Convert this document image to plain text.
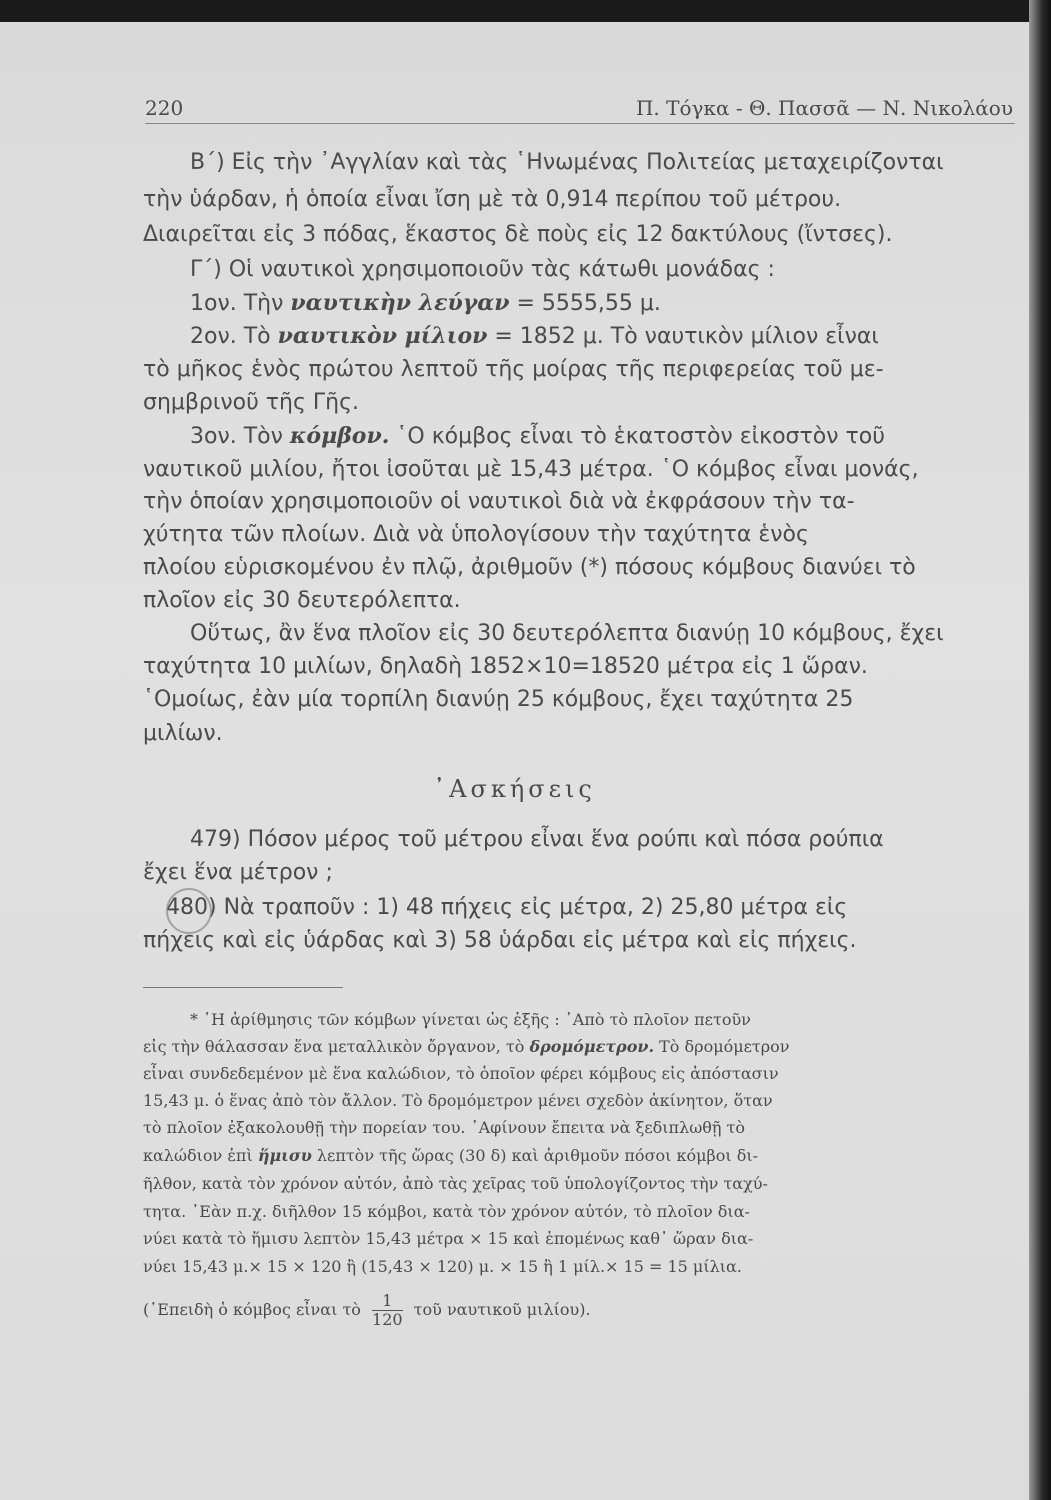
220	Π. Τόγκα - Θ. Πασσᾶ — Ν. Νικολάου
Β΄) Εἰς τὴν ᾿Αγγλίαν καὶ τὰς ῾Ηνωμένας Πολιτείας μεταχειρίζονται
τὴν ὑάρδαν, ἡ ὁποία εἶναι ἴση μὲ τὰ 0,914 περίπου τοῦ μέτρου.
Διαιρεῖται εἰς 3 πόδας, ἕκαστος δὲ ποὺς εἰς 12 δακτύλους (ἴντσες).
Γ΄) Οἱ ναυτικοὶ χρησιμοποιοῦν τὰς κάτωθι μονάδας :
1ον. Τὴν ναυτικὴν λεύγαν = 5555,55 μ.
2ον. Τὸ ναυτικὸν μίλιον = 1852 μ. Τὸ ναυτικὸν μίλιον εἶναι
τὸ μῆκος ἑνὸς πρώτου λεπτοῦ τῆς μοίρας τῆς περιφερείας τοῦ με-
σημβρινοῦ τῆς Γῆς.
3ον. Τὸν κόμβον. ῾Ο κόμβος εἶναι τὸ ἑκατοστὸν εἰκοστὸν τοῦ
ναυτικοῦ μιλίου, ἤτοι ἰσοῦται μὲ 15,43 μέτρα. ῾Ο κόμβος εἶναι μονάς,
τὴν ὁποίαν χρησιμοποιοῦν οἱ ναυτικοὶ διὰ νὰ ἐκφράσουν τὴν τα-
χύτητα τῶν πλοίων. Διὰ νὰ ὑπολογίσουν τὴν ταχύτητα ἑνὸς
πλοίου εὑρισκομένου ἐν πλῷ, ἀριθμοῦν (*) πόσους κόμβους διανύει τὸ
πλοῖον εἰς 30 δευτερόλεπτα.
Οὕτως, ἂν ἕνα πλοῖον εἰς 30 δευτερόλεπτα διανύῃ 10 κόμβους, ἔχει
ταχύτητα 10 μιλίων, δηλαδὴ 1852×10=18520 μέτρα εἰς 1 ὥραν.
῾Ομοίως, ἐὰν μία τορπίλη διανύῃ 25 κόμβους, ἔχει ταχύτητα 25
μιλίων.
᾿Ασκήσεις
479) Πόσον μέρος τοῦ μέτρου εἶναι ἕνα ρούπι καὶ πόσα ρούπια
ἔχει ἕνα μέτρον ;
480) Νὰ τραποῦν : 1) 48 πήχεις εἰς μέτρα, 2) 25,80 μέτρα εἰς
πήχεις καὶ εἰς ὑάρδας καὶ 3) 58 ὑάρδαι εἰς μέτρα καὶ εἰς πήχεις.
* ῾Η ἀρίθμησις τῶν κόμβων γίνεται ὡς ἑξῆς : ᾿Απὸ τὸ πλοῖον πετοῦν
εἰς τὴν θάλασσαν ἕνα μεταλλικὸν ὄργανον, τὸ δρομόμετρον. Τὸ δρομόμετρον
εἶναι συνδεδεμένον μὲ ἕνα καλώδιον, τὸ ὁποῖον φέρει κόμβους εἰς ἀπόστασιν
15,43 μ. ὁ ἕνας ἀπὸ τὸν ἄλλον. Τὸ δρομόμετρον μένει σχεδὸν ἀκίνητον, ὅταν
τὸ πλοῖον ἐξακολουθῇ τὴν πορείαν του. ᾿Αφίνουν ἔπειτα νὰ ξεδιπλωθῇ τὸ
καλώδιον ἐπὶ ἥμισυ λεπτὸν τῆς ὥρας (30 δ) καὶ ἀριθμοῦν πόσοι κόμβοι δι-
ῆλθον, κατὰ τὸν χρόνον αὐτόν, ἀπὸ τὰς χεῖρας τοῦ ὑπολογίζοντος τὴν ταχύ-
τητα. ᾿Εὰν π.χ. διῆλθον 15 κόμβοι, κατὰ τὸν χρόνον αὐτόν, τὸ πλοῖον δια-
νύει κατὰ τὸ ἥμισυ λεπτὸν 15,43 μέτρα × 15 καὶ ἑπομένως καθ᾿ ὥραν δια-
νύει 15,43 μ.× 15 × 120 ἢ (15,43 × 120) μ. × 15 ἢ 1 μίλ.× 15 = 15 μίλια.
(᾿Επειδὴ ὁ κόμβος εἶναι τὸ $\frac{1}{120}$ τοῦ ναυτικοῦ μιλίου).
